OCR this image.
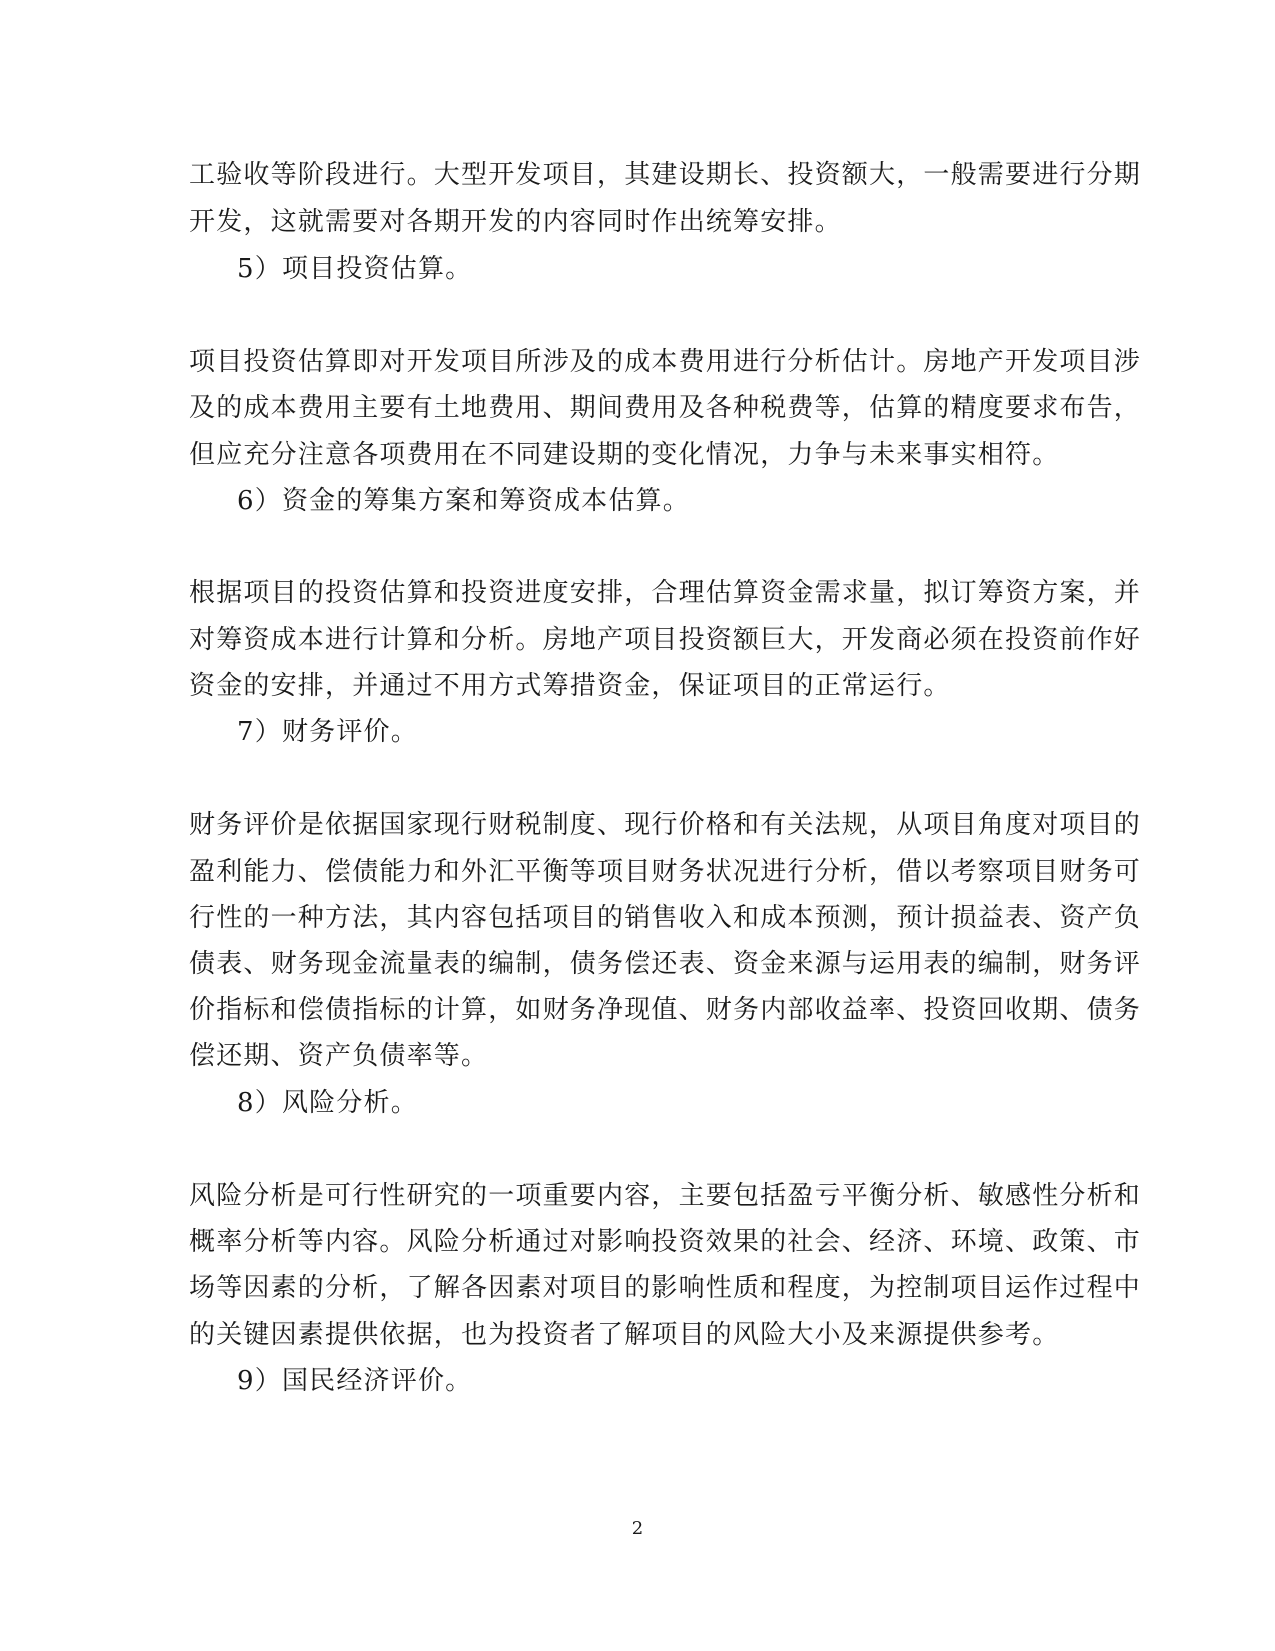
工验收等阶段进行。大型开发项目，其建设期长、投资额大，一般需要进行分期
开发，这就需要对各期开发的内容同时作出统筹安排。
5）项目投资估算。
项目投资估算即对开发项目所涉及的成本费用进行分析估计。房地产开发项目涉
及的成本费用主要有土地费用、期间费用及各种税费等，估算的精度要求布告，
但应充分注意各项费用在不同建设期的变化情况，力争与未来事实相符。
6）资金的筹集方案和筹资成本估算。
根据项目的投资估算和投资进度安排，合理估算资金需求量，拟订筹资方案，并
对筹资成本进行计算和分析。房地产项目投资额巨大，开发商必须在投资前作好
资金的安排，并通过不用方式筹措资金，保证项目的正常运行。
7）财务评价。
财务评价是依据国家现行财税制度、现行价格和有关法规，从项目角度对项目的
盈利能力、偿债能力和外汇平衡等项目财务状况进行分析，借以考察项目财务可
行性的一种方法，其内容包括项目的销售收入和成本预测，预计损益表、资产负
债表、财务现金流量表的编制，债务偿还表、资金来源与运用表的编制，财务评
价指标和偿债指标的计算，如财务净现值、财务内部收益率、投资回收期、债务
偿还期、资产负债率等。
8）风险分析。
风险分析是可行性研究的一项重要内容，主要包括盈亏平衡分析、敏感性分析和
概率分析等内容。风险分析通过对影响投资效果的社会、经济、环境、政策、市
场等因素的分析，了解各因素对项目的影响性质和程度，为控制项目运作过程中
的关键因素提供依据，也为投资者了解项目的风险大小及来源提供参考。
9）国民经济评价。
2
